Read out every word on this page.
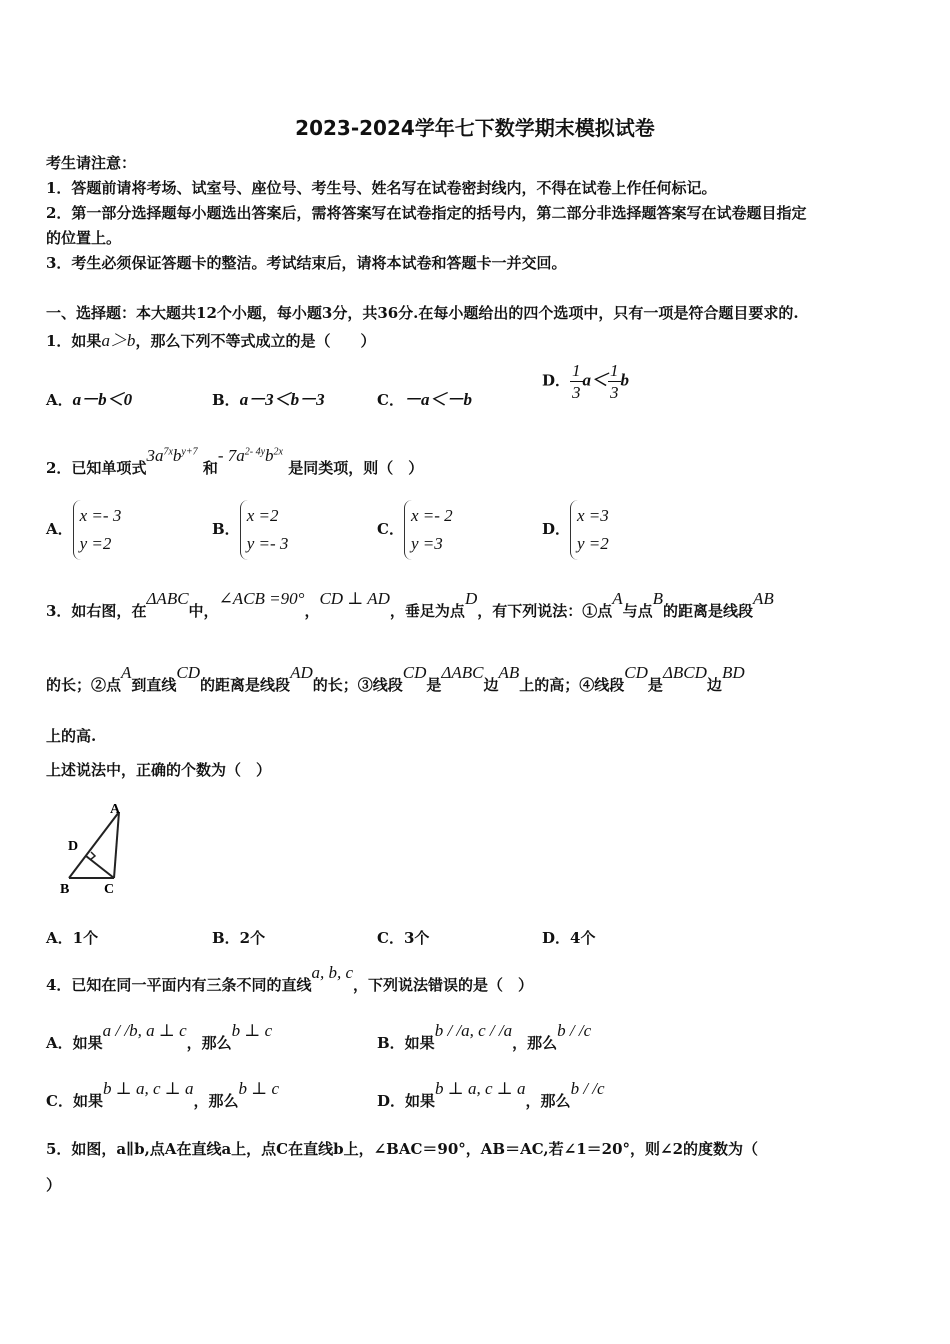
2023-2024学年七下数学期末模拟试卷
考生请注意：
1．答题前请将考场、试室号、座位号、考生号、姓名写在试卷密封线内，不得在试卷上作任何标记。
2．第一部分选择题每小题选出答案后，需将答案写在试卷指定的括号内，第二部分非选择题答案写在试卷题目指定
的位置上。
3．考生必须保证答题卡的整洁。考试结束后，请将本试卷和答题卡一并交回。
一、选择题：本大题共12个小题，每小题3分，共36分.在每小题给出的四个选项中，只有一项是符合题目要求的.
1．如果a＞b，那么下列不等式成立的是（　　）
A．a－b＜0	B．a－3＜b－3	C．－a＜－b
D． $\frac{1}{3} a< \frac{1}{3}$ b
2．已知单项式$3a^{7x}b^{y+7}$ 和- $7a^{2- 4y}b^{2x}$ 是同类项，则（　）
A．
x =- 3
y =2
B．
x =2
y =- 3
C．
x =- 2
y =3
D．
x =3
y =2
3．如右图，在ΔABC中，∠ACB =90°，CD ⊥ AD，垂足为点D，有下列说法：①点A与点B的距离是线段AB
的长；②点A到直线CD的距离是线段AD的长；③线段CD是ΔABC边AB上的高；④线段CD是ΔBCD边BD
上的高.
上述说法中，正确的个数为（　）
A
B C
D
A．1个	B．2个	C．3个	D．4个
4．已知在同一平面内有三条不同的直线a, b, c，下列说法错误的是（　）
A．如果a / /b, a ⊥ c，那么b ⊥ c
B．如果b / /a, c / /a，那么b / /c
C．如果b ⊥ a, c ⊥ a，那么b ⊥ c
D．如果b ⊥ a, c ⊥ a，那么b / /c
5．如图，a∥b,点A在直线a上，点C在直线b上，∠BAC＝90°，AB＝AC,若∠1＝20°，则∠2的度数为（
）
